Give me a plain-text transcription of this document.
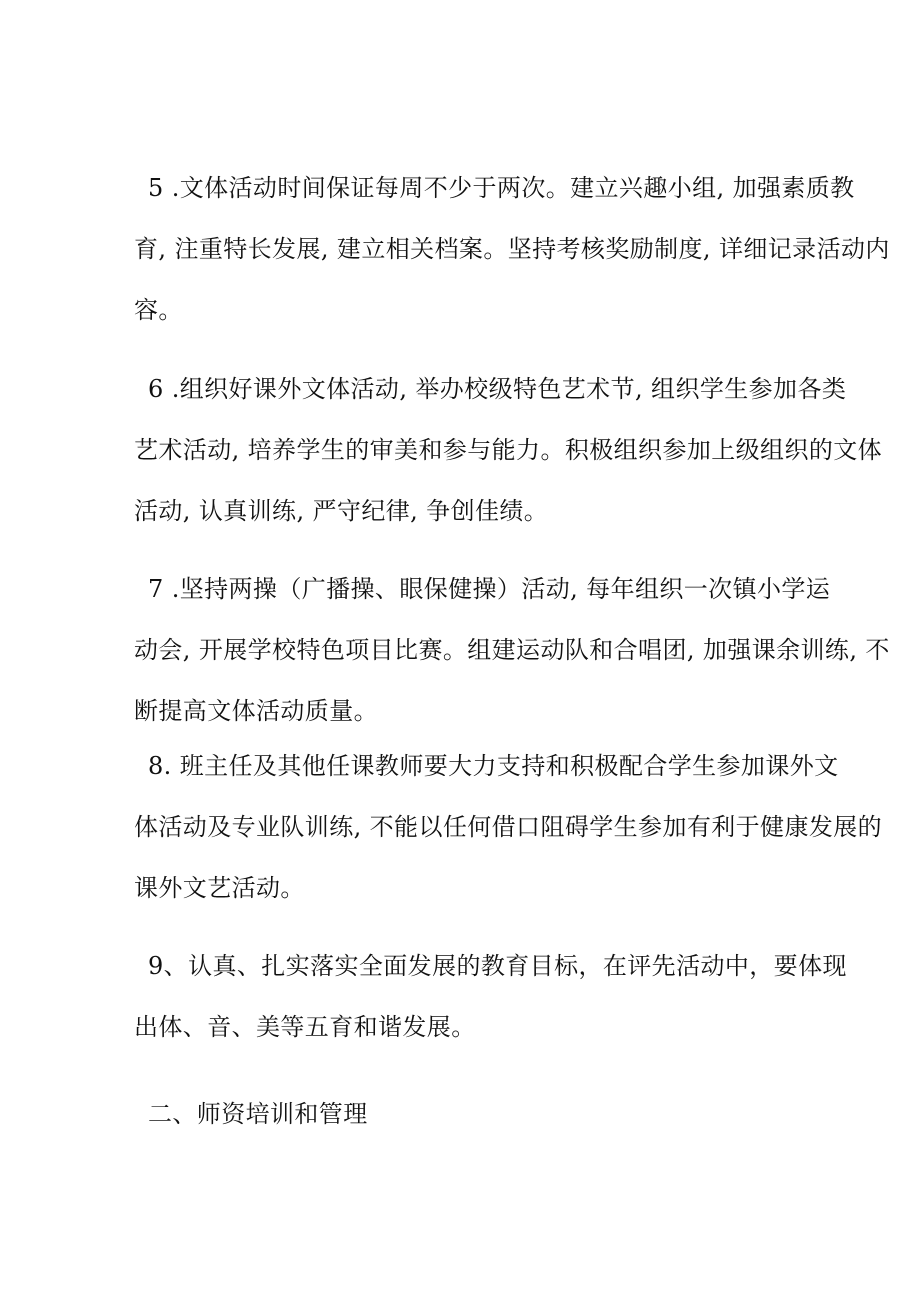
5 .文体活动时间保证每周不少于两次。建立兴趣小组, 加强素质教
育, 注重特长发展, 建立相关档案。坚持考核奖励制度, 详细记录活动内
容。
6 .组织好课外文体活动, 举办校级特色艺术节, 组织学生参加各类
艺术活动, 培养学生的审美和参与能力。积极组织参加上级组织的文体
活动, 认真训练, 严守纪律, 争创佳绩。
7 .坚持两操（广播操、眼保健操）活动, 每年组织一次镇小学运
动会, 开展学校特色项目比赛。组建运动队和合唱团, 加强课余训练, 不
断提高文体活动质量。
8. 班主任及其他任课教师要大力支持和积极配合学生参加课外文
体活动及专业队训练, 不能以任何借口阻碍学生参加有利于健康发展的
课外文艺活动。
9、认真、扎实落实全面发展的教育目标，在评先活动中，要体现
出体、音、美等五育和谐发展。
二、师资培训和管理
